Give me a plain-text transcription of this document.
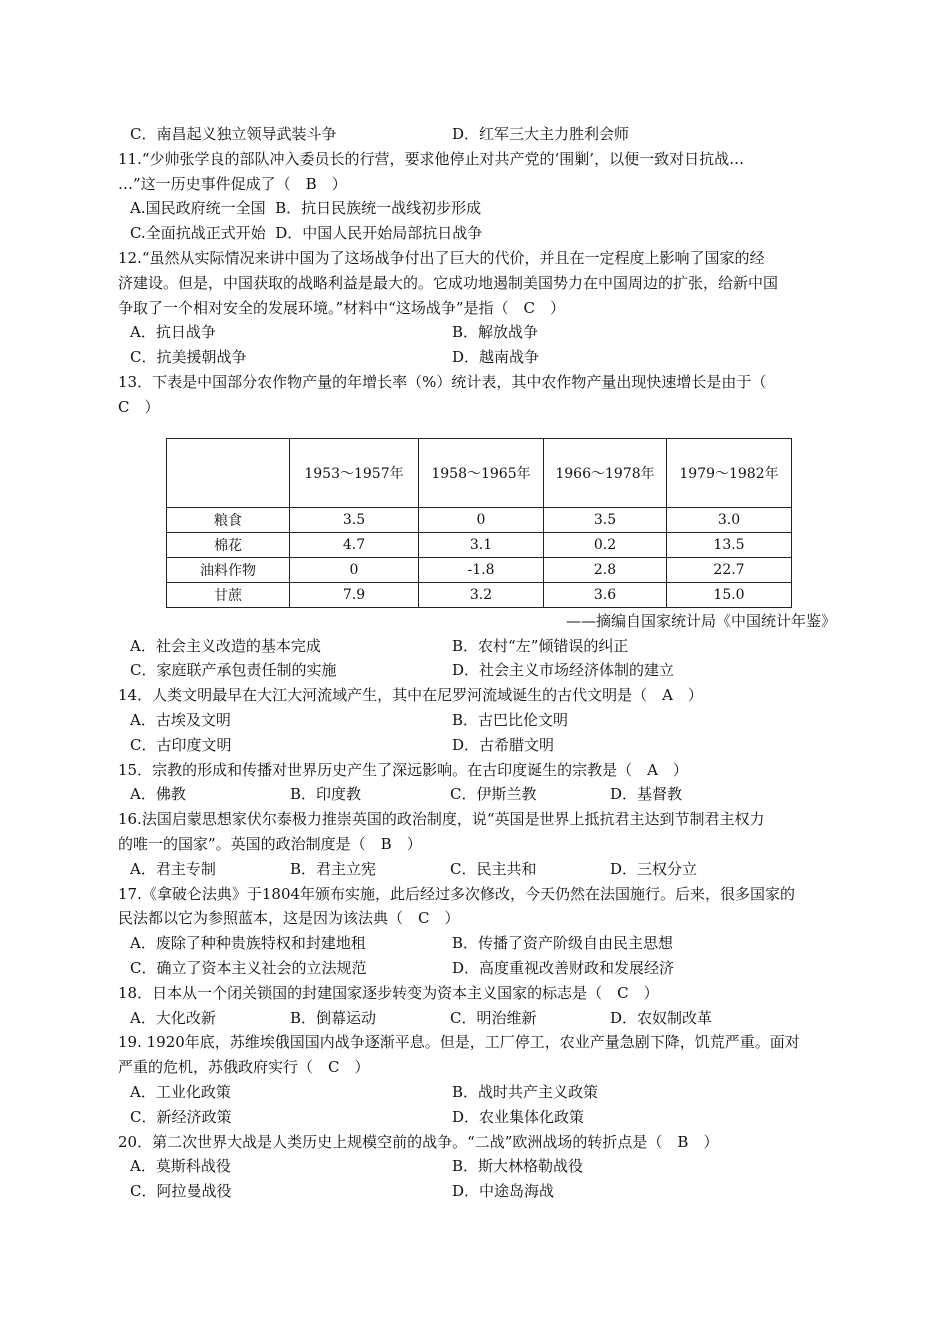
C．南昌起义独立领导武装斗争	D．红军三大主力胜利会师
11.“少帅张学良的部队冲入委员长的行营，要求他停止对共产党的‘围剿’，以便一致对日抗战…
…”这一历史事件促成了（　B　）
A.国民政府统一全国
B．抗日民族统一战线初步形成
C.全面抗战正式开始
D．中国人民开始局部抗日战争
12.“虽然从实际情况来讲中国为了这场战争付出了巨大的代价，并且在一定程度上影响了国家的经
济建设。但是，中国获取的战略利益是最大的。它成功地遏制美国势力在中国周边的扩张，给新中国
争取了一个相对安全的发展环境。”材料中“这场战争”是指（　C　）
A．抗日战争	B．解放战争
C．抗美援朝战争	D．越南战争
13．下表是中国部分农作物产量的年增长率（%）统计表，其中农作物产量出现快速增长是由于（
C　）
	1953～1957年	1958～1965年	1966～1978年	1979～1982年
粮食	3.5	0	3.5	3.0
棉花	4.7	3.1	0.2	13.5
油料作物	0	-1.8	2.8	22.7
甘蔗	7.9	3.2	3.6	15.0
——摘编自国家统计局《中国统计年鉴》
A．社会主义改造的基本完成	B．农村“左”倾错误的纠正
C．家庭联产承包责任制的实施	D．社会主义市场经济体制的建立
14．人类文明最早在大江大河流域产生，其中在尼罗河流域诞生的古代文明是（　A　）
A．古埃及文明	B．古巴比伦文明
C．古印度文明	D．古希腊文明
15．宗教的形成和传播对世界历史产生了深远影响。在古印度诞生的宗教是（　A　）
A．佛教	B．印度教	C．伊斯兰教	D．基督教
16.法国启蒙思想家伏尔泰极力推崇英国的政治制度，说“英国是世界上抵抗君主达到节制君主权力
的唯一的国家”。英国的政治制度是（　B　）
A．君主专制	B．君主立宪	C．民主共和	D．三权分立
17.《拿破仑法典》于1804年颁布实施，此后经过多次修改，今天仍然在法国施行。后来，很多国家的
民法都以它为参照蓝本，这是因为该法典（　C　）
A．废除了种种贵族特权和封建地租	B．传播了资产阶级自由民主思想
C．确立了资本主义社会的立法规范	D．高度重视改善财政和发展经济
18．日本从一个闭关锁国的封建国家逐步转变为资本主义国家的标志是（　C　）
A．大化改新	B．倒幕运动	C．明治维新	D．农奴制改革
19. 1920年底，苏维埃俄国国内战争逐渐平息。但是，工厂停工，农业产量急剧下降，饥荒严重。面对
严重的危机，苏俄政府实行（　C　）
A．工业化政策	B．战时共产主义政策
C．新经济政策	D．农业集体化政策
20．第二次世界大战是人类历史上规模空前的战争。“二战”欧洲战场的转折点是（　B　）
A．莫斯科战役	B．斯大林格勒战役
C．阿拉曼战役	D．中途岛海战
